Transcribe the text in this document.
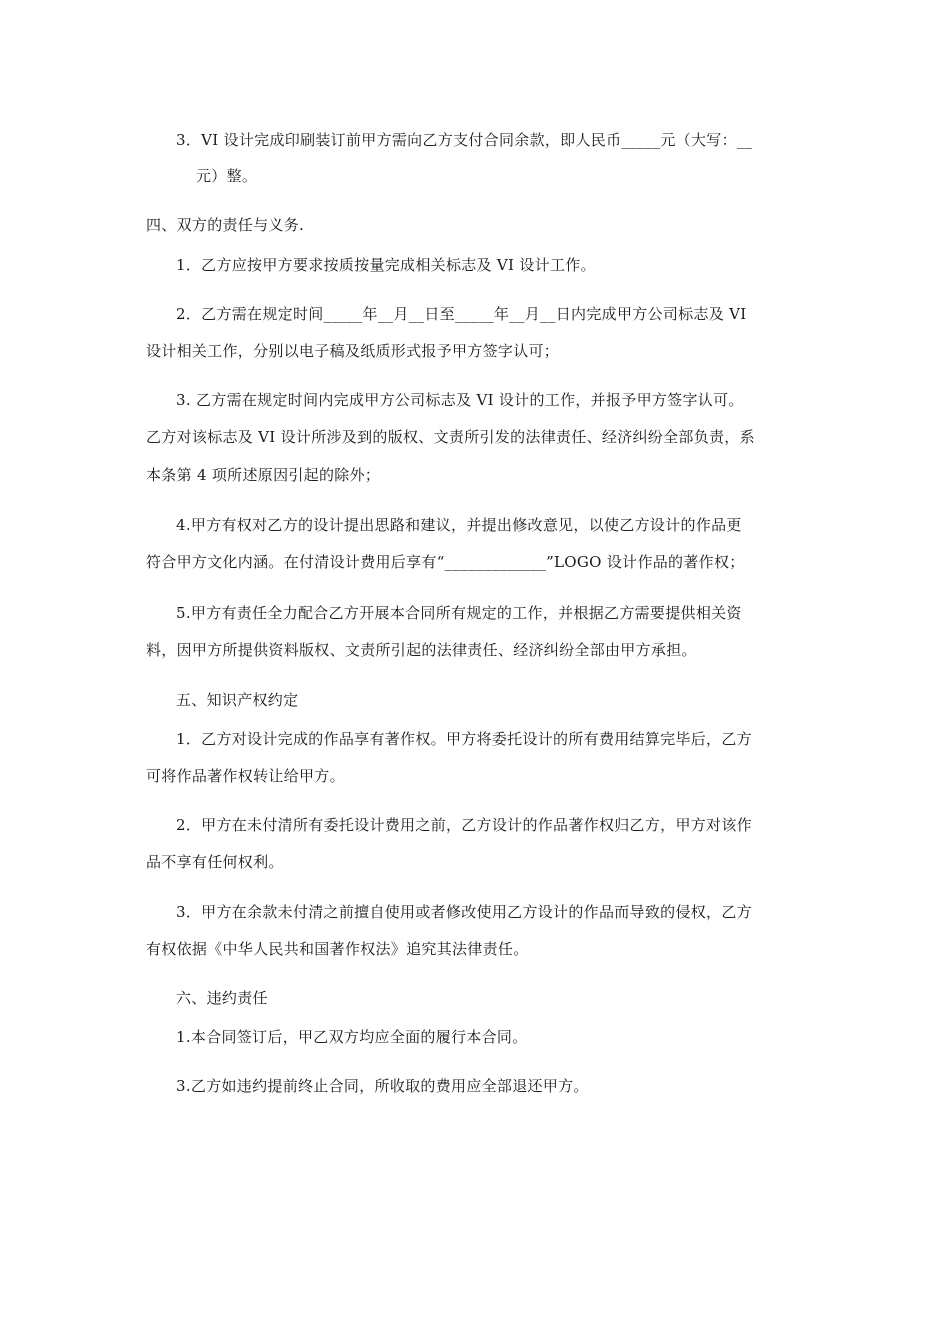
3．VI 设计完成印刷装订前甲方需向乙方支付合同余款，即人民币_____元（大写：__
元）整。
四、双方的责任与义务.
1．乙方应按甲方要求按质按量完成相关标志及 VI 设计工作。
2．乙方需在规定时间_____年__月__日至_____年__月__日内完成甲方公司标志及 VI
设计相关工作，分别以电子稿及纸质形式报予甲方签字认可；
3. 乙方需在规定时间内完成甲方公司标志及 VI 设计的工作，并报予甲方签字认可。
乙方对该标志及 VI 设计所涉及到的版权、文责所引发的法律责任、经济纠纷全部负责，系
本条第 4 项所述原因引起的除外；
4.甲方有权对乙方的设计提出思路和建议，并提出修改意见，以使乙方设计的作品更
符合甲方文化内涵。在付清设计费用后享有“_____________”LOGO 设计作品的著作权；
5.甲方有责任全力配合乙方开展本合同所有规定的工作，并根据乙方需要提供相关资
料，因甲方所提供资料版权、文责所引起的法律责任、经济纠纷全部由甲方承担。
五、知识产权约定
1．乙方对设计完成的作品享有著作权。甲方将委托设计的所有费用结算完毕后，乙方
可将作品著作权转让给甲方。
2．甲方在未付清所有委托设计费用之前，乙方设计的作品著作权归乙方，甲方对该作
品不享有任何权利。
3．甲方在余款未付清之前擅自使用或者修改使用乙方设计的作品而导致的侵权，乙方
有权依据《中华人民共和国著作权法》追究其法律责任。
六、违约责任
1.本合同签订后，甲乙双方均应全面的履行本合同。
3.乙方如违约提前终止合同，所收取的费用应全部退还甲方。
